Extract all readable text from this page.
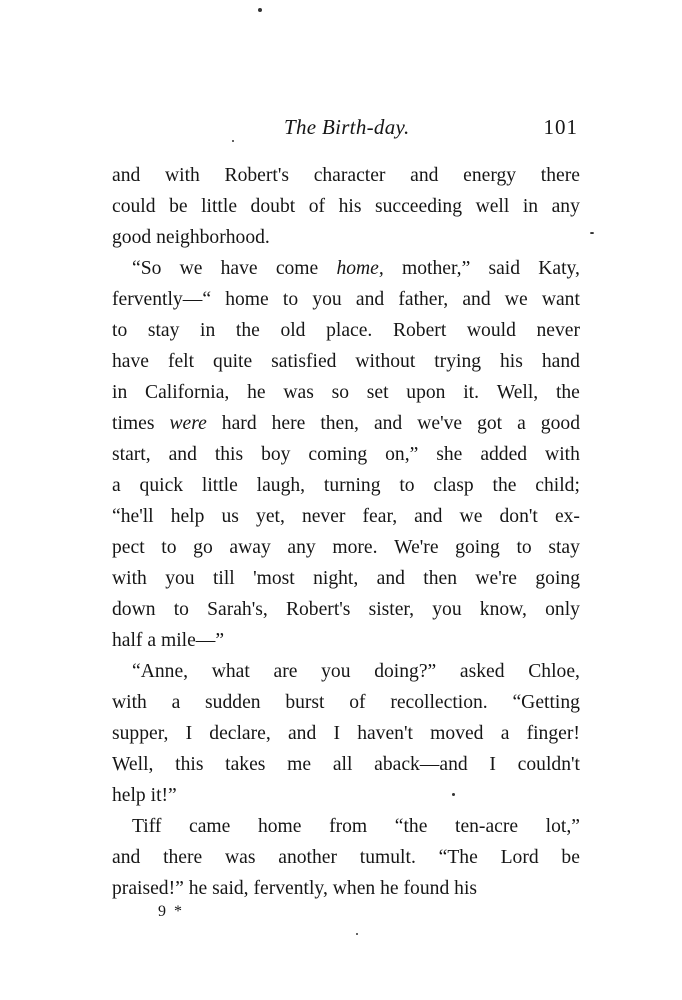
The Birth-day.	101
and with Robert's character and energy there
could be little doubt of his succeeding well in any
good neighborhood.
“So we have come home, mother,” said Katy,
fervently—“ home to you and father, and we want
to stay in the old place. Robert would never
have felt quite satisfied without trying his hand
in California, he was so set upon it. Well, the
times were hard here then, and we've got a good
start, and this boy coming on,” she added with
a quick little laugh, turning to clasp the child;
“he'll help us yet, never fear, and we don't ex-
pect to go away any more. We're going to stay
with you till 'most night, and then we're going
down to Sarah's, Robert's sister, you know, only
half a mile—”
“Anne, what are you doing?” asked Chloe,
with a sudden burst of recollection. “Getting
supper, I declare, and I haven't moved a finger!
Well, this takes me all aback—and I couldn't
help it!”
Tiff came home from “the ten-acre lot,”
and there was another tumult. “The Lord be
praised!” he said, fervently, when he found his
9 *
